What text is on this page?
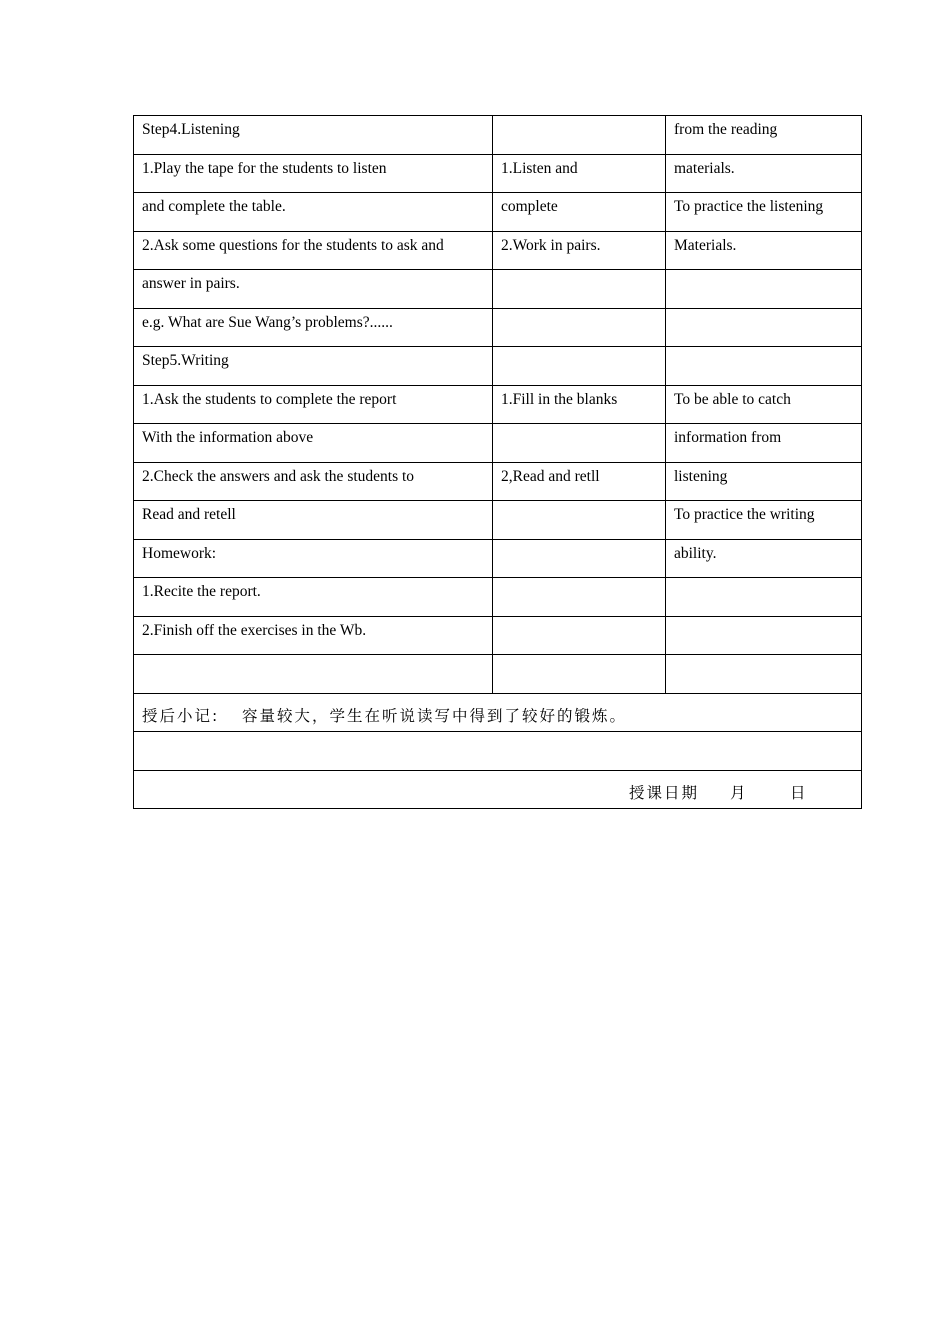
Step4.Listening		from the reading
1.Play the tape for the students to listen	1.Listen and	materials.
and complete the table.	complete	To practice the listening
2.Ask some questions for the students to ask and	2.Work in pairs.	Materials.
answer in pairs.		
e.g. What are Sue Wang’s problems?......		
Step5.Writing		
1.Ask the students to complete the report	1.Fill in the blanks	To be able to catch
With the information above		information from
2.Check the answers and ask the students to	2,Read and retll	listening
Read and retell		To practice the writing
Homework:		ability.
1.Recite the report.		
2.Finish off the exercises in the Wb.		

授后小记: 容量较大，学生在听说读写中得到了较好的锻炼。		

授课日期 月 日		
